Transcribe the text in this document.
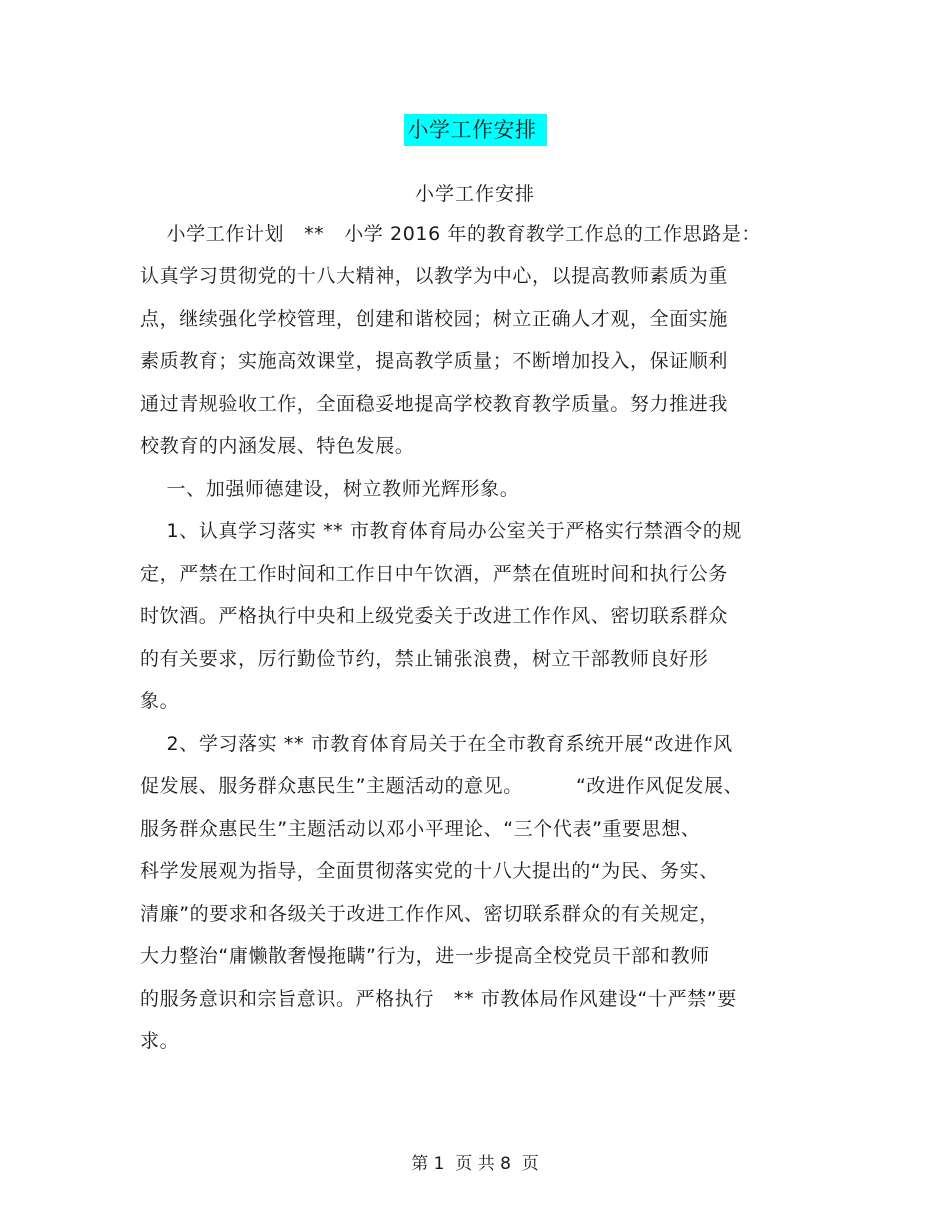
小学工作安排
小学工作安排
小学工作计划   **   小学 2016 年的教育教学工作总的工作思路是：
认真学习贯彻党的十八大精神，以教学为中心，以提高教师素质为重
点，继续强化学校管理，创建和谐校园；树立正确人才观，全面实施
素质教育；实施高效课堂，提高教学质量；不断增加投入，保证顺利
通过青规验收工作，全面稳妥地提高学校教育教学质量。努力推进我
校教育的内涵发展、特色发展。
一、加强师德建设，树立教师光辉形象。
1、认真学习落实 ** 市教育体育局办公室关于严格实行禁酒令的规
定，严禁在工作时间和工作日中午饮酒，严禁在值班时间和执行公务
时饮酒。严格执行中央和上级党委关于改进工作作风、密切联系群众
的有关要求，厉行勤俭节约，禁止铺张浪费，树立干部教师良好形
象。
2、学习落实 ** 市教育体育局关于在全市教育系统开展“改进作风
促发展、服务群众惠民生”主题活动的意见。        “改进作风促发展、
服务群众惠民生”主题活动以邓小平理论、“三个代表”重要思想、
科学发展观为指导，全面贯彻落实党的十八大提出的“为民、务实、
清廉”的要求和各级关于改进工作作风、密切联系群众的有关规定，
大力整治“庸懒散奢慢拖瞒”行为，进一步提高全校党员干部和教师
的服务意识和宗旨意识。严格执行   ** 市教体局作风建设“十严禁”要
求。
第 1  页 共 8  页
